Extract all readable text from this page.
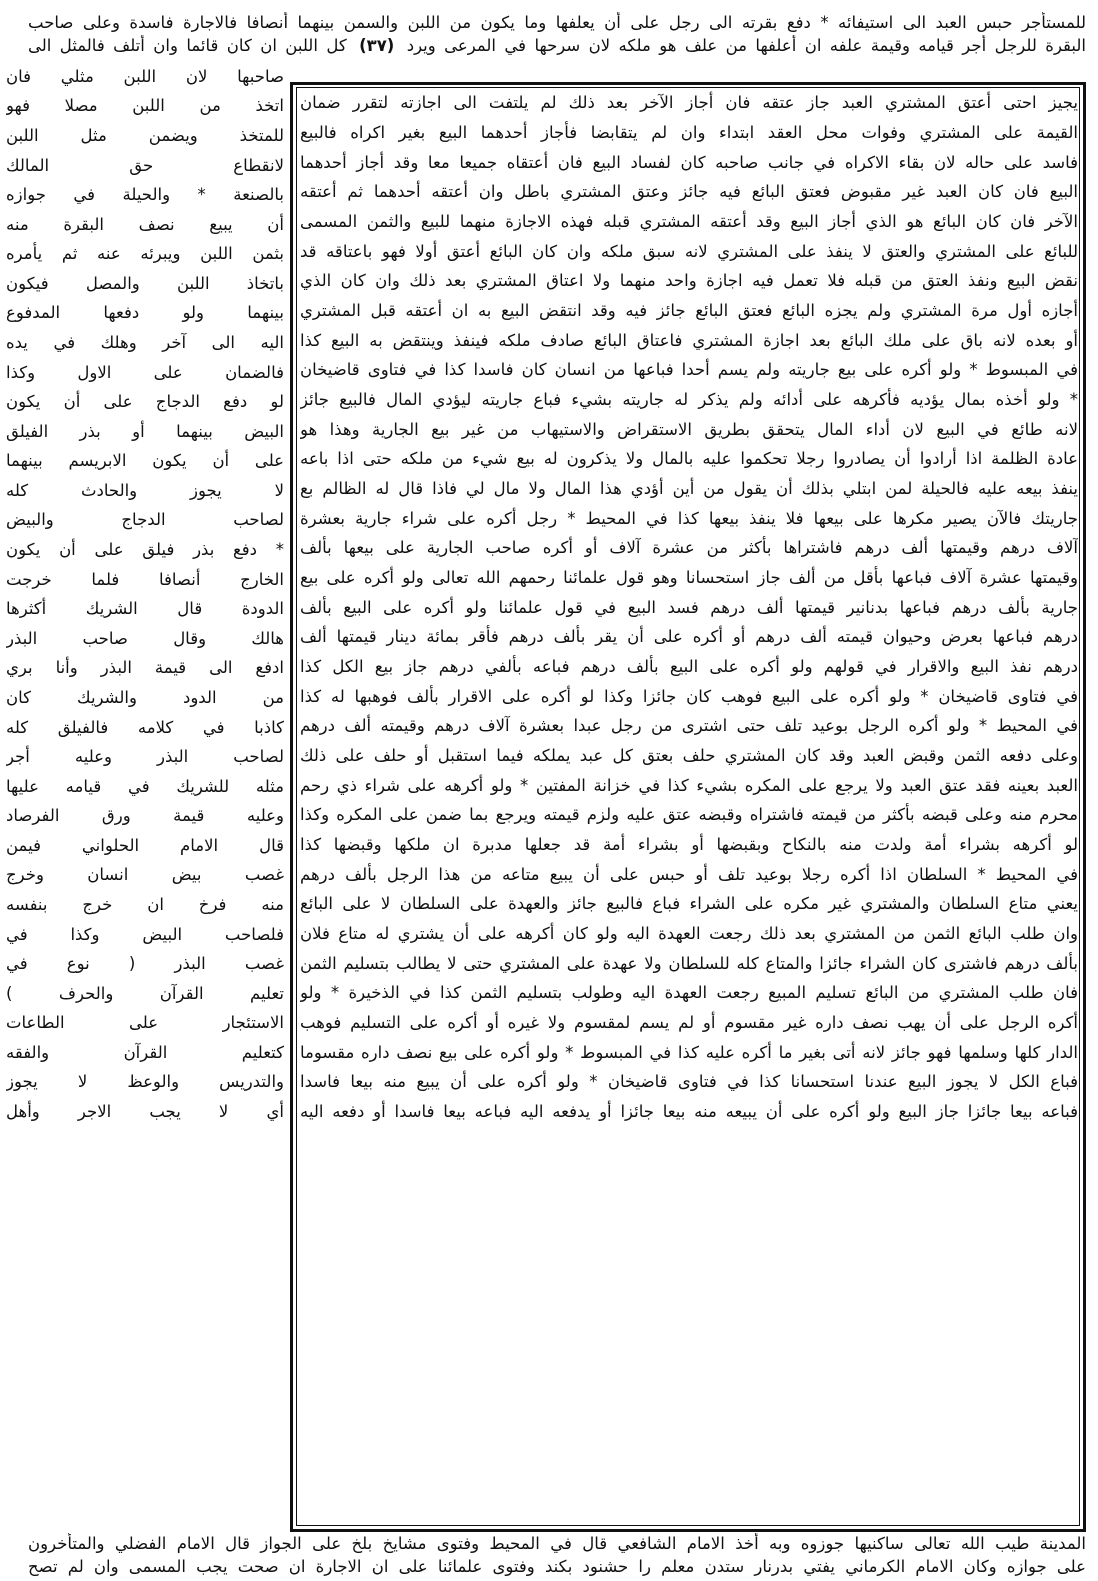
للمستأجر حبس العبد الى استيفائه * دفع بقرته الى رجل على أن يعلفها وما يكون من اللبن والسمن بينهما أنصافا فالاجارة فاسدة وعلى صاحب
البقرة للرجل أجر قيامه وقيمة علفه ان أعلفها من علف هو ملكه لان سرحها في المرعى ويرد (٣٧) كل اللبن ان كان قائما وان أتلف فالمثل الى
يجيز احتى أعتق المشتري العبد جاز عتقه فان أجاز الآخر بعد ذلك لم يلتفت الى اجازته لتقرر ضمان
القيمة على المشتري وفوات محل العقد ابتداء وان لم يتقابضا فأجاز أحدهما البيع بغير اكراه فالبيع
فاسد على حاله لان بقاء الاكراه في جانب صاحبه كان لفساد البيع فان أعتقاه جميعا معا وقد أجاز أحدهما
البيع فان كان العبد غير مقبوض فعتق البائع فيه جائز وعتق المشتري باطل وان أعتقه أحدهما ثم أعتقه
الآخر فان كان البائع هو الذي أجاز البيع وقد أعتقه المشتري قبله فهذه الاجازة منهما للبيع والثمن المسمى
للبائع على المشتري والعتق لا ينفذ على المشتري لانه سبق ملكه وان كان البائع أعتق أولا فهو باعتاقه قد
نقض البيع ونفذ العتق من قبله فلا تعمل فيه اجازة واحد منهما ولا اعتاق المشتري بعد ذلك وان كان الذي
أجازه أول مرة المشتري ولم يجزه البائع فعتق البائع جائز فيه وقد انتقض البيع به ان أعتقه قبل المشتري
أو بعده لانه باق على ملك البائع بعد اجازة المشتري فاعتاق البائع صادف ملكه فينفذ وينتقض به البيع كذا
في المبسوط * ولو أكره على بيع جاريته ولم يسم أحدا فباعها من انسان كان فاسدا كذا في فتاوى قاضيخان
* ولو أخذه بمال يؤديه فأكرهه على أدائه ولم يذكر له جاريته بشيء فباع جاريته ليؤدي المال فالبيع جائز
لانه طائع في البيع لان أداء المال يتحقق بطريق الاستقراض والاستيهاب من غير بيع الجارية وهذا هو
عادة الظلمة اذا أرادوا أن يصادروا رجلا تحكموا عليه بالمال ولا يذكرون له بيع شيء من ملكه حتى اذا باعه
ينفذ بيعه عليه فالحيلة لمن ابتلي بذلك أن يقول من أين أؤدي هذا المال ولا مال لي فاذا قال له الظالم بع
جاريتك فالآن يصير مكرها على بيعها فلا ينفذ بيعها كذا في المحيط * رجل أكره على شراء جارية بعشرة
آلاف درهم وقيمتها ألف درهم فاشتراها بأكثر من عشرة آلاف أو أكره صاحب الجارية على بيعها بألف
وقيمتها عشرة آلاف فباعها بأقل من ألف جاز استحسانا وهو قول علمائنا رحمهم الله تعالى ولو أكره على بيع
جارية بألف درهم فباعها بدنانير قيمتها ألف درهم فسد البيع في قول علمائنا ولو أكره على البيع بألف
درهم فباعها بعرض وحيوان قيمته ألف درهم أو أكره على أن يقر بألف درهم فأقر بمائة دينار قيمتها ألف
درهم نفذ البيع والاقرار في قولهم ولو أكره على البيع بألف درهم فباعه بألفي درهم جاز بيع الكل كذا
في فتاوى قاضيخان * ولو أكره على البيع فوهب كان جائزا وكذا لو أكره على الاقرار بألف فوهبها له كذا
في المحيط * ولو أكره الرجل بوعيد تلف حتى اشترى من رجل عبدا بعشرة آلاف درهم وقيمته ألف درهم
وعلى دفعه الثمن وقبض العبد وقد كان المشتري حلف بعتق كل عبد يملكه فيما استقبل أو حلف على ذلك
العبد بعينه فقد عتق العبد ولا يرجع على المكره بشيء كذا في خزانة المفتين * ولو أكرهه على شراء ذي رحم
محرم منه وعلى قبضه بأكثر من قيمته فاشتراه وقبضه عتق عليه ولزم قيمته ويرجع بما ضمن على المكره وكذا
لو أكرهه بشراء أمة ولدت منه بالنكاح وبقبضها أو بشراء أمة قد جعلها مدبرة ان ملكها وقبضها كذا
في المحيط * السلطان اذا أكره رجلا بوعيد تلف أو حبس على أن يبيع متاعه من هذا الرجل بألف درهم
يعني متاع السلطان والمشتري غير مكره على الشراء فباع فالبيع جائز والعهدة على السلطان لا على البائع
وان طلب البائع الثمن من المشتري بعد ذلك رجعت العهدة اليه ولو كان أكرهه على أن يشتري له متاع فلان
بألف درهم فاشترى كان الشراء جائزا والمتاع كله للسلطان ولا عهدة على المشتري حتى لا يطالب بتسليم الثمن
فان طلب المشتري من البائع تسليم المبيع رجعت العهدة اليه وطولب بتسليم الثمن كذا في الذخيرة * ولو
أكره الرجل على أن يهب نصف داره غير مقسوم أو لم يسم لمقسوم ولا غيره أو أكره على التسليم فوهب
الدار كلها وسلمها فهو جائز لانه أتى بغير ما أكره عليه كذا في المبسوط * ولو أكره على بيع نصف داره مقسوما
فباع الكل لا يجوز البيع عندنا استحسانا كذا في فتاوى قاضيخان * ولو أكره على أن يبيع منه بيعا فاسدا
فباعه بيعا جائزا جاز البيع ولو أكره على أن يبيعه منه بيعا جائزا أو يدفعه اليه فباعه بيعا فاسدا أو دفعه اليه
صاحبها لان اللبن مثلي فان
اتخذ من اللبن مصلا فهو
للمتخذ ويضمن مثل اللبن
لانقطاع حق المالك
بالصنعة * والحيلة في جوازه
أن يبيع نصف البقرة منه
بثمن اللبن ويبرئه عنه ثم يأمره
باتخاذ اللبن والمصل فيكون
بينهما ولو دفعها المدفوع
اليه الى آخر وهلك في يده
فالضمان على الاول وكذا
لو دفع الدجاج على أن يكون
البيض بينهما أو بذر الفيلق
على أن يكون الابريسم بينهما
لا يجوز والحادث كله
لصاحب الدجاج والبيض
* دفع بذر فيلق على أن يكون
الخارج أنصافا فلما خرجت
الدودة قال الشريك أكثرها
هالك وقال صاحب البذر
ادفع الى قيمة البذر وأنا بري
من الدود والشريك كان
كاذبا في كلامه فالفيلق كله
لصاحب البذر وعليه أجر
مثله للشريك في قيامه عليها
وعليه قيمة ورق الفرصاد
قال الامام الحلواني فيمن
غصب بيض انسان وخرج
منه فرخ ان خرج بنفسه
فلصاحب البيض وكذا في
غصب البذر ( نوع في
تعليم القرآن والحرف )
الاستئجار على الطاعات
كتعليم القرآن والفقه
والتدريس والوعظ لا يجوز
أي لا يجب الاجر وأهل
المدينة طيب الله تعالى ساكنيها جوزوه وبه أخذ الامام الشافعي قال في المحيط وفتوى مشايخ بلخ على الجواز قال الامام الفضلي والمتأخرون
على جوازه وكان الامام الكرماني يفتي بدرنار ستدن معلم را حشنود بكند وفتوى علمائنا على ان الاجارة ان صحت يجب المسمى وان لم تصح
